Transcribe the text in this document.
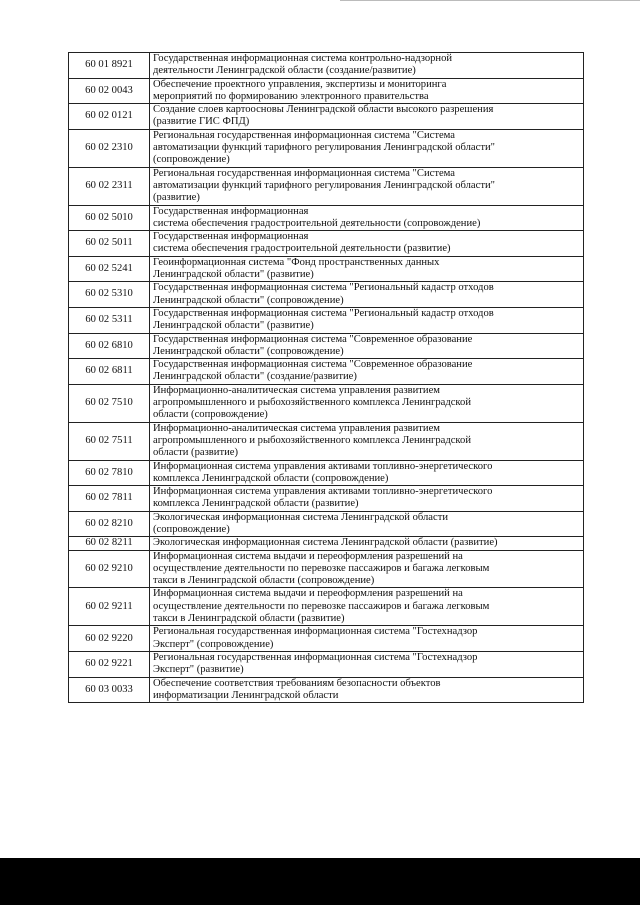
60 01 8921	Государственная информационная система контрольно-надзорной
деятельности Ленинградской области (создание/развитие)

60 02 0043	Обеспечение проектного управления, экспертизы и мониторинга
мероприятий по формированию электронного правительства

60 02 0121	Создание слоев картоосновы Ленинградской области высокого разрешения
(развитие ГИС ФПД)

60 02 2310	Региональная государственная информационная система "Система
автоматизации функций тарифного регулирования Ленинградской области"
(сопровождение)

60 02 2311	Региональная государственная информационная система "Система
автоматизации функций тарифного регулирования Ленинградской области"
(развитие)

60 02 5010	Государственная информационная
система обеспечения градостроительной деятельности (сопровождение)

60 02 5011	Государственная информационная
система обеспечения градостроительной деятельности (развитие)

60 02 5241	Геоинформационная система "Фонд пространственных данных
Ленинградской области" (развитие)

60 02 5310	Государственная информационная система "Региональный кадастр отходов
Ленинградской области" (сопровождение)

60 02 5311	Государственная информационная система "Региональный кадастр отходов
Ленинградской области" (развитие)

60 02 6810	Государственная информационная система "Современное образование
Ленинградской области" (сопровождение)

60 02 6811	Государственная информационная система "Современное образование
Ленинградской области" (создание/развитие)

60 02 7510	Информационно-аналитическая система управления развитием
агропромышленного и рыбохозяйственного комплекса Ленинградской
области (сопровождение)

60 02 7511	Информационно-аналитическая система управления развитием
агропромышленного и рыбохозяйственного комплекса Ленинградской
области (развитие)

60 02 7810	Информационная система управления активами топливно-энергетического
комплекса Ленинградской области (сопровождение)

60 02 7811	Информационная система управления активами топливно-энергетического
комплекса Ленинградской области (развитие)

60 02 8210	Экологическая информационная система Ленинградской области
(сопровождение)

60 02 8211	Экологическая информационная система Ленинградской области (развитие)

60 02 9210	Информационная система выдачи и переоформления разрешений на
осуществление деятельности по перевозке пассажиров и багажа легковым
такси в Ленинградской области (сопровождение)

60 02 9211	Информационная система выдачи и переоформления разрешений на
осуществление деятельности по перевозке пассажиров и багажа легковым
такси в Ленинградской области (развитие)

60 02 9220	Региональная государственная информационная система "Гостехнадзор
Эксперт" (сопровождение)

60 02 9221	Региональная государственная информационная система "Гостехнадзор
Эксперт" (развитие)

60 03 0033	Обеспечение соответствия требованиям безопасности объектов
информатизации Ленинградской области
